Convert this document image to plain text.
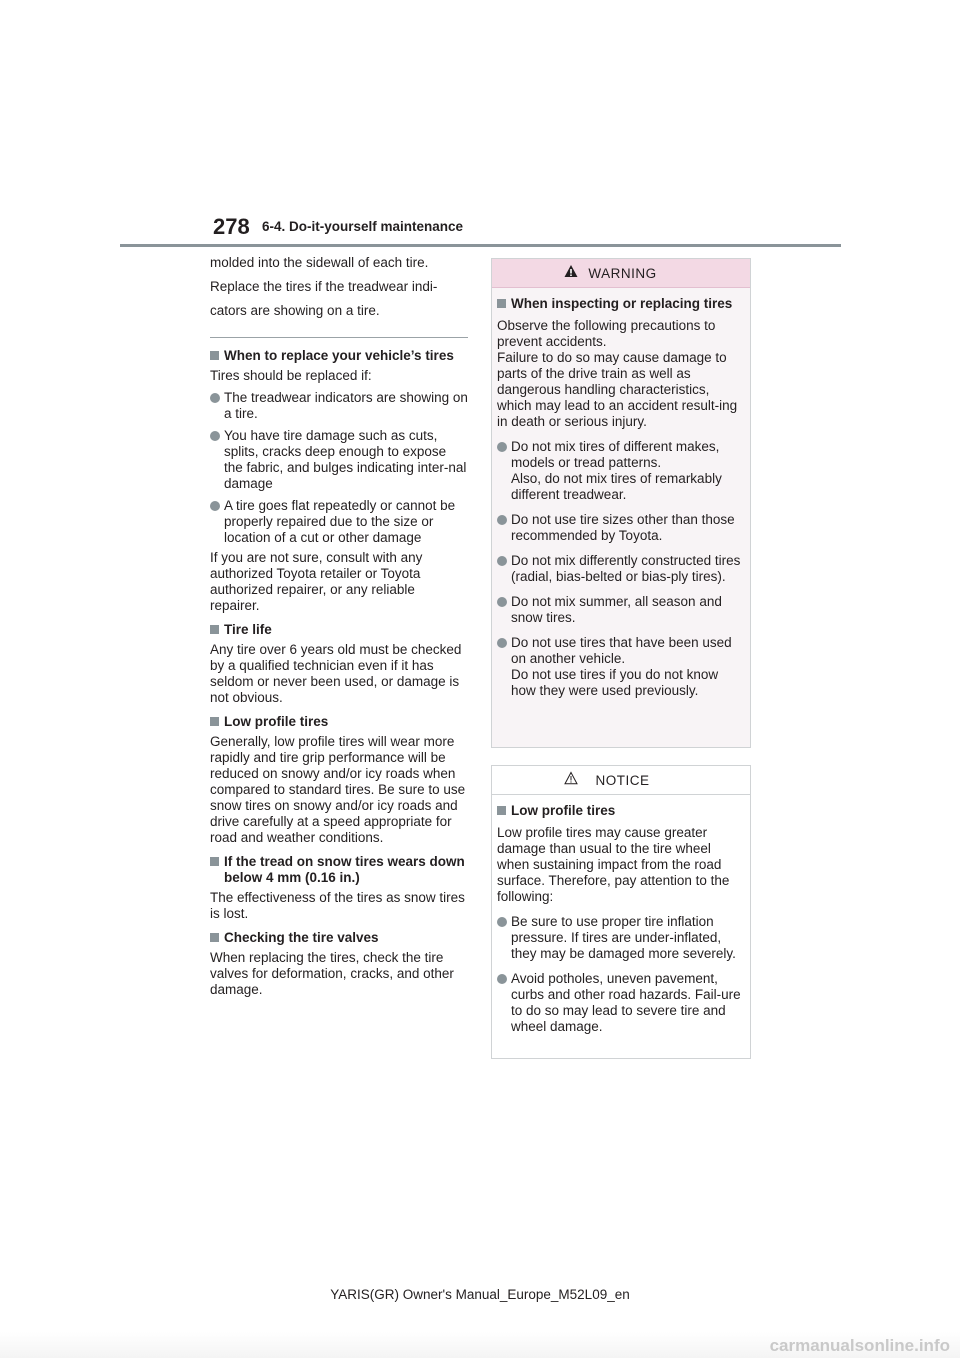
278 6-4. Do-it-yourself maintenance

molded into the sidewall of each tire.

Replace the tires if the treadwear indi-

cators are showing on a tire.

When to replace your vehicle’s tires

Tires should be replaced if:

The treadwear indicators are showing on a tire.
You have tire damage such as cuts, splits, cracks deep enough to expose the fabric, and bulges indicating inter-nal damage
A tire goes flat repeatedly or cannot be properly repaired due to the size or location of a cut or other damage

If you are not sure, consult with any authorized Toyota retailer or Toyota authorized repairer, or any reliable repairer.

Tire life

Any tire over 6 years old must be checked by a qualified technician even if it has seldom or never been used, or damage is not obvious.

Low profile tires

Generally, low profile tires will wear more rapidly and tire grip performance will be reduced on snowy and/or icy roads when compared to standard tires. Be sure to use snow tires on snowy and/or icy roads and drive carefully at a speed appropriate for road and weather conditions.

If the tread on snow tires wears down below 4 mm (0.16 in.)

The effectiveness of the tires as snow tires is lost.

Checking the tire valves

When replacing the tires, check the tire valves for deformation, cracks, and other damage.

WARNING
When inspecting or replacing tires

Observe the following precautions to prevent accidents.

Failure to do so may cause damage to parts of the drive train as well as dangerous handling characteristics, which may lead to an accident result-ing in death or serious injury.

Do not mix tires of different makes, models or tread patterns.
Also, do not mix tires of remarkably different treadwear.
Do not use tire sizes other than those recommended by Toyota.
Do not mix differently constructed tires (radial, bias-belted or bias-ply tires).
Do not mix summer, all season and snow tires.
Do not use tires that have been used on another vehicle.
Do not use tires if you do not know how they were used previously.
NOTICE
Low profile tires

Low profile tires may cause greater damage than usual to the tire wheel when sustaining impact from the road surface. Therefore, pay attention to the following:

Be sure to use proper tire inflation pressure. If tires are under-inflated, they may be damaged more severely.
Avoid potholes, uneven pavement, curbs and other road hazards. Fail-ure to do so may lead to severe tire and wheel damage.
YARIS(GR) Owner's Manual_Europe_M52L09_en
carmanualsonline.info
